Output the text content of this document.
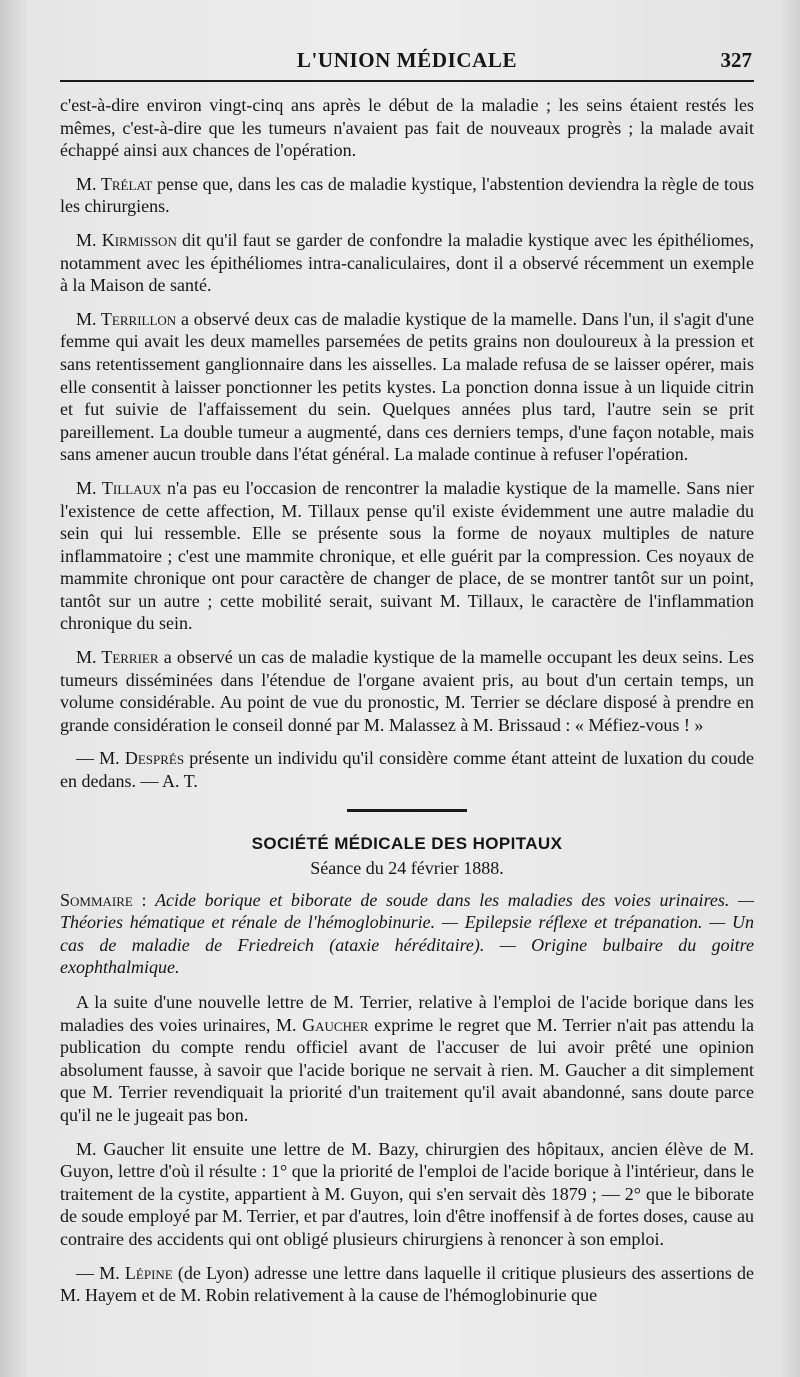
L'UNION MÉDICALE	327

c'est-à-dire environ vingt-cinq ans après le début de la maladie ; les seins étaient restés les mêmes, c'est-à-dire que les tumeurs n'avaient pas fait de nouveaux progrès ; la malade avait échappé ainsi aux chances de l'opération.

M. Trélat pense que, dans les cas de maladie kystique, l'abstention deviendra la règle de tous les chirurgiens.

M. Kirmisson dit qu'il faut se garder de confondre la maladie kystique avec les épithéliomes, notamment avec les épithéliomes intra-canaliculaires, dont il a observé récemment un exemple à la Maison de santé.

M. Terrillon a observé deux cas de maladie kystique de la mamelle. Dans l'un, il s'agit d'une femme qui avait les deux mamelles parsemées de petits grains non douloureux à la pression et sans retentissement ganglionnaire dans les aisselles. La malade refusa de se laisser opérer, mais elle consentit à laisser ponctionner les petits kystes. La ponction donna issue à un liquide citrin et fut suivie de l'affaissement du sein. Quelques années plus tard, l'autre sein se prit pareillement. La double tumeur a augmenté, dans ces derniers temps, d'une façon notable, mais sans amener aucun trouble dans l'état général. La malade continue à refuser l'opération.

M. Tillaux n'a pas eu l'occasion de rencontrer la maladie kystique de la mamelle. Sans nier l'existence de cette affection, M. Tillaux pense qu'il existe évidemment une autre maladie du sein qui lui ressemble. Elle se présente sous la forme de noyaux multiples de nature inflammatoire ; c'est une mammite chronique, et elle guérit par la compression. Ces noyaux de mammite chronique ont pour caractère de changer de place, de se montrer tantôt sur un point, tantôt sur un autre ; cette mobilité serait, suivant M. Tillaux, le caractère de l'inflammation chronique du sein.

M. Terrier a observé un cas de maladie kystique de la mamelle occupant les deux seins. Les tumeurs disséminées dans l'étendue de l'organe avaient pris, au bout d'un certain temps, un volume considérable. Au point de vue du pronostic, M. Terrier se déclare disposé à prendre en grande considération le conseil donné par M. Malassez à M. Brissaud : « Méfiez-vous ! »

— M. Després présente un individu qu'il considère comme étant atteint de luxation du coude en dedans. — A. T.

SOCIÉTÉ MÉDICALE DES HOPITAUX
Séance du 24 février 1888.
Sommaire : Acide borique et biborate de soude dans les maladies des voies urinaires. — Théories hématique et rénale de l'hémoglobinurie. — Epilepsie réflexe et trépanation. — Un cas de maladie de Friedreich (ataxie héréditaire). — Origine bulbaire du goitre exophthalmique.

A la suite d'une nouvelle lettre de M. Terrier, relative à l'emploi de l'acide borique dans les maladies des voies urinaires, M. Gaucher exprime le regret que M. Terrier n'ait pas attendu la publication du compte rendu officiel avant de l'accuser de lui avoir prêté une opinion absolument fausse, à savoir que l'acide borique ne servait à rien. M. Gaucher a dit simplement que M. Terrier revendiquait la priorité d'un traitement qu'il avait abandonné, sans doute parce qu'il ne le jugeait pas bon.

M. Gaucher lit ensuite une lettre de M. Bazy, chirurgien des hôpitaux, ancien élève de M. Guyon, lettre d'où il résulte : 1° que la priorité de l'emploi de l'acide borique à l'intérieur, dans le traitement de la cystite, appartient à M. Guyon, qui s'en servait dès 1879 ; — 2° que le biborate de soude employé par M. Terrier, et par d'autres, loin d'être inoffensif à de fortes doses, cause au contraire des accidents qui ont obligé plusieurs chirurgiens à renoncer à son emploi.

— M. Lépine (de Lyon) adresse une lettre dans laquelle il critique plusieurs des assertions de M. Hayem et de M. Robin relativement à la cause de l'hémoglobinurie que
